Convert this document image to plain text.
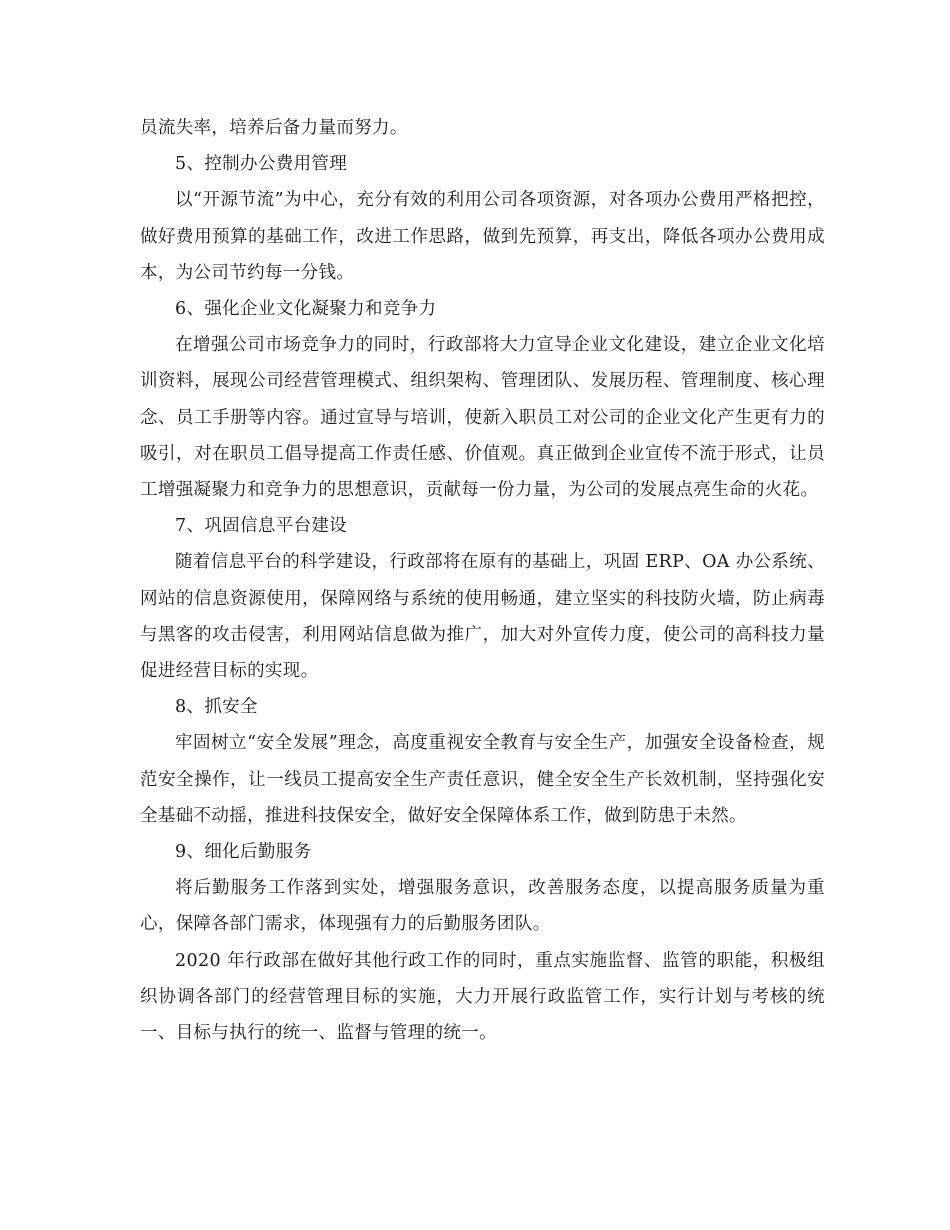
员流失率，培养后备力量而努力。

5、控制办公费用管理

以“开源节流”为中心，充分有效的利用公司各项资源，对各项办公费用严格把控，做好费用预算的基础工作，改进工作思路，做到先预算，再支出，降低各项办公费用成本，为公司节约每一分钱。

6、强化企业文化凝聚力和竞争力

在增强公司市场竞争力的同时，行政部将大力宣导企业文化建设，建立企业文化培训资料，展现公司经营管理模式、组织架构、管理团队、发展历程、管理制度、核心理念、员工手册等内容。通过宣导与培训，使新入职员工对公司的企业文化产生更有力的吸引，对在职员工倡导提高工作责任感、价值观。真正做到企业宣传不流于形式，让员工增强凝聚力和竞争力的思想意识，贡献每一份力量，为公司的发展点亮生命的火花。

7、巩固信息平台建设

随着信息平台的科学建设，行政部将在原有的基础上，巩固 ERP、OA 办公系统、网站的信息资源使用，保障网络与系统的使用畅通，建立坚实的科技防火墙，防止病毒与黑客的攻击侵害，利用网站信息做为推广，加大对外宣传力度，使公司的高科技力量促进经营目标的实现。

8、抓安全

牢固树立“安全发展”理念，高度重视安全教育与安全生产，加强安全设备检查，规范安全操作，让一线员工提高安全生产责任意识，健全安全生产长效机制，坚持强化安全基础不动摇，推进科技保安全，做好安全保障体系工作，做到防患于未然。

9、细化后勤服务

将后勤服务工作落到实处，增强服务意识，改善服务态度，以提高服务质量为重心，保障各部门需求，体现强有力的后勤服务团队。

2020 年行政部在做好其他行政工作的同时，重点实施监督、监管的职能，积极组织协调各部门的经营管理目标的实施，大力开展行政监管工作，实行计划与考核的统一、目标与执行的统一、监督与管理的统一。
